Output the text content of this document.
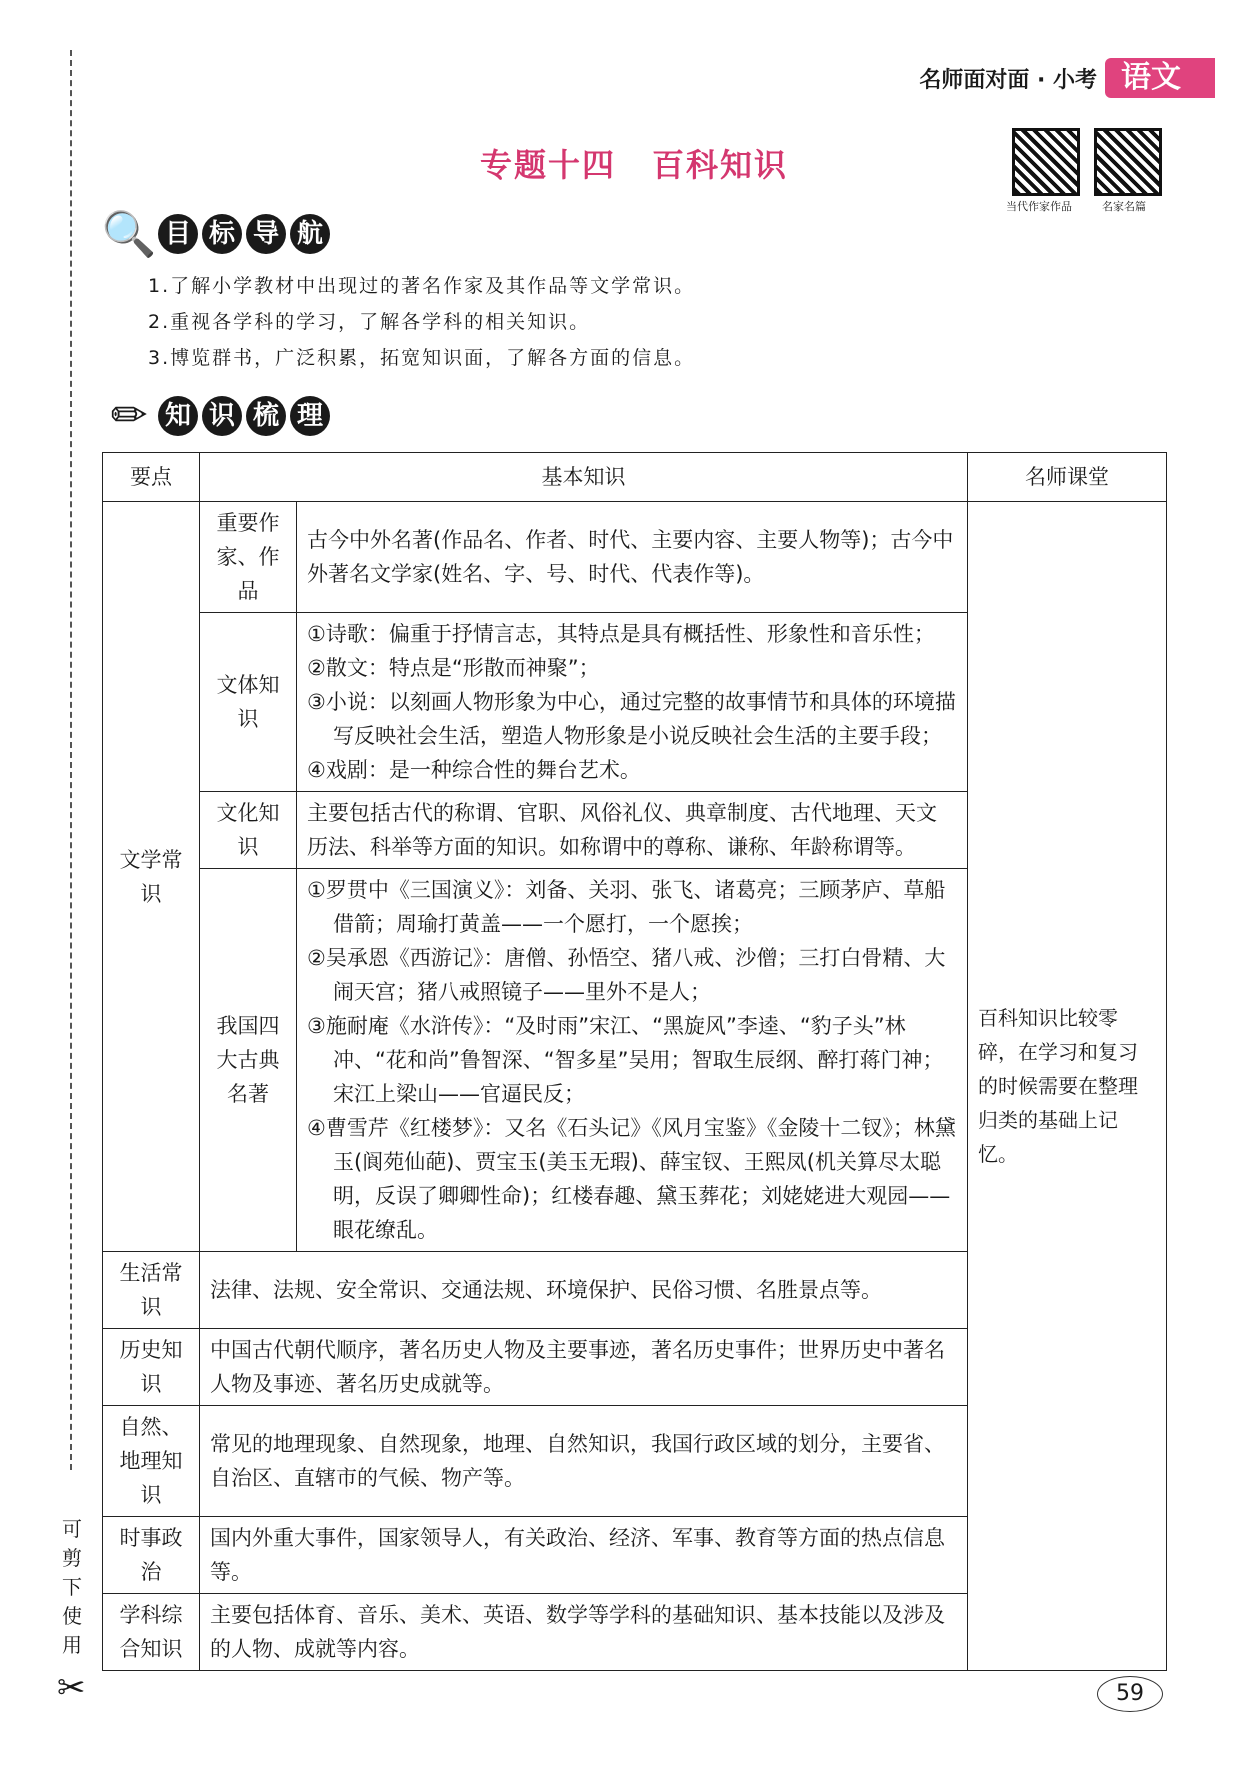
可剪下使用
✂
名师面对面 · 小考 语文
专题十四 百科知识
当代作家作品	名家名篇
🔍 目 标 导 航
1.了解小学教材中出现过的著名作家及其作品等文学常识。
2.重视各学科的学习，了解各学科的相关知识。
3.博览群书，广泛积累，拓宽知识面，了解各方面的信息。
✏ 知 识 梳 理
要点	基本知识		名师课堂
文学常识	重要作家、作品	古今中外名著(作品名、作者、时代、主要内容、主要人物等)；古今中外著名文学家(姓名、字、号、时代、代表作等)。	百科知识比较零碎，在学习和复习的时候需要在整理归类的基础上记忆。

	文体知识	①诗歌：偏重于抒情言志，其特点是具有概括性、形象性和音乐性；
②散文：特点是“形散而神聚”；
③小说：以刻画人物形象为中心，通过完整的故事情节和具体的环境描写反映社会生活，塑造人物形象是小说反映社会生活的主要手段；
④戏剧：是一种综合性的舞台艺术。	

	文化知识	主要包括古代的称谓、官职、风俗礼仪、典章制度、古代地理、天文历法、科举等方面的知识。如称谓中的尊称、谦称、年龄称谓等。	
	我国四大古典名著	①罗贯中《三国演义》：刘备、关羽、张飞、诸葛亮；三顾茅庐、草船借箭；周瑜打黄盖——一个愿打，一个愿挨；
②吴承恩《西游记》：唐僧、孙悟空、猪八戒、沙僧；三打白骨精、大闹天宫；猪八戒照镜子——里外不是人；
③施耐庵《水浒传》：“及时雨”宋江、“黑旋风”李逵、“豹子头”林冲、“花和尚”鲁智深、“智多星”吴用；智取生辰纲、醉打蒋门神；宋江上梁山——官逼民反；
④曹雪芹《红楼梦》：又名《石头记》《风月宝鉴》《金陵十二钗》；林黛玉(阆苑仙葩)、贾宝玉(美玉无瑕)、薛宝钗、王熙凤(机关算尽太聪明，反误了卿卿性命)；红楼春趣、黛玉葬花；刘姥姥进大观园——眼花缭乱。	

生活常识	法律、法规、安全常识、交通法规、环境保护、民俗习惯、名胜景点等。		
历史知识	中国古代朝代顺序，著名历史人物及主要事迹，著名历史事件；世界历史中著名人物及事迹、著名历史成就等。		
自然、地理知识	常见的地理现象、自然现象，地理、自然知识，我国行政区域的划分，主要省、自治区、直辖市的气候、物产等。		
时事政治	国内外重大事件，国家领导人，有关政治、经济、军事、教育等方面的热点信息等。		
学科综合知识	主要包括体育、音乐、美术、英语、数学等学科的基础知识、基本技能以及涉及的人物、成就等内容。		
59
